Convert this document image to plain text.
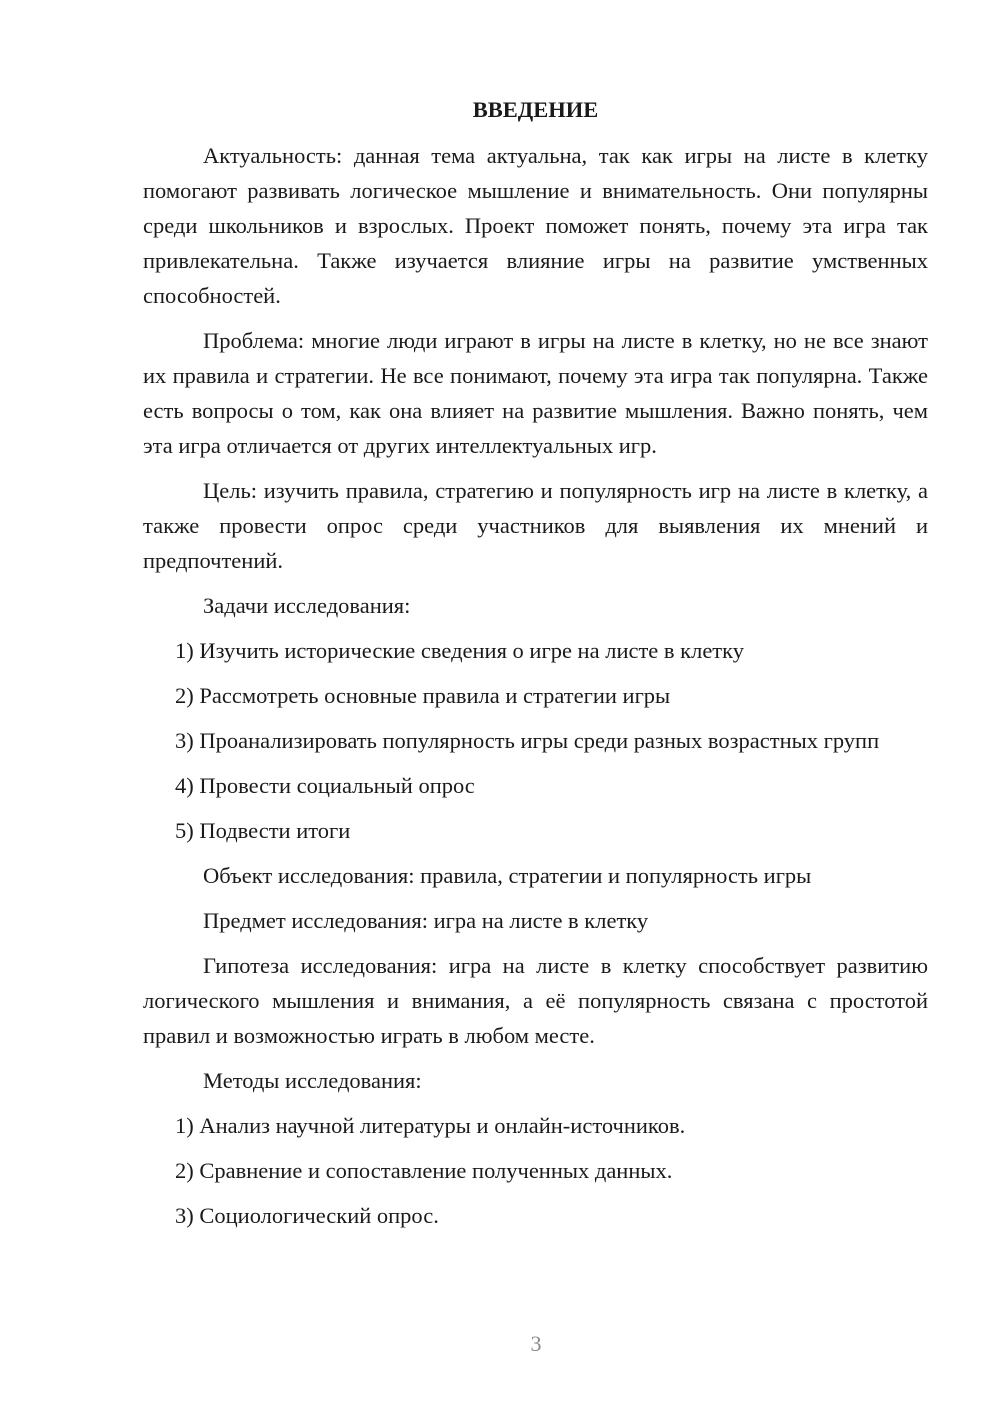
ВВЕДЕНИЕ
Актуальность: данная тема актуальна, так как игры на листе в клетку помогают развивать логическое мышление и внимательность. Они популярны среди школьников и взрослых. Проект поможет понять, почему эта игра так привлекательна. Также изучается влияние игры на развитие умственных способностей.
Проблема: многие люди играют в игры на листе в клетку, но не все знают их правила и стратегии. Не все понимают, почему эта игра так популярна. Также есть вопросы о том, как она влияет на развитие мышления. Важно понять, чем эта игра отличается от других интеллектуальных игр.
Цель: изучить правила, стратегию и популярность игр на листе в клетку, а также провести опрос среди участников для выявления их мнений и предпочтений.
Задачи исследования:
1) Изучить исторические сведения о игре на листе в клетку
2) Рассмотреть основные правила и стратегии игры
3) Проанализировать популярность игры среди разных возрастных групп
4) Провести социальный опрос
5) Подвести итоги
Объект исследования: правила, стратегии и популярность игры
Предмет исследования: игра на листе в клетку
Гипотеза исследования: игра на листе в клетку способствует развитию логического мышления и внимания, а её популярность связана с простотой правил и возможностью играть в любом месте.
Методы исследования:
1) Анализ научной литературы и онлайн-источников.
2) Сравнение и сопоставление полученных данных.
3) Социологический опрос.
3
